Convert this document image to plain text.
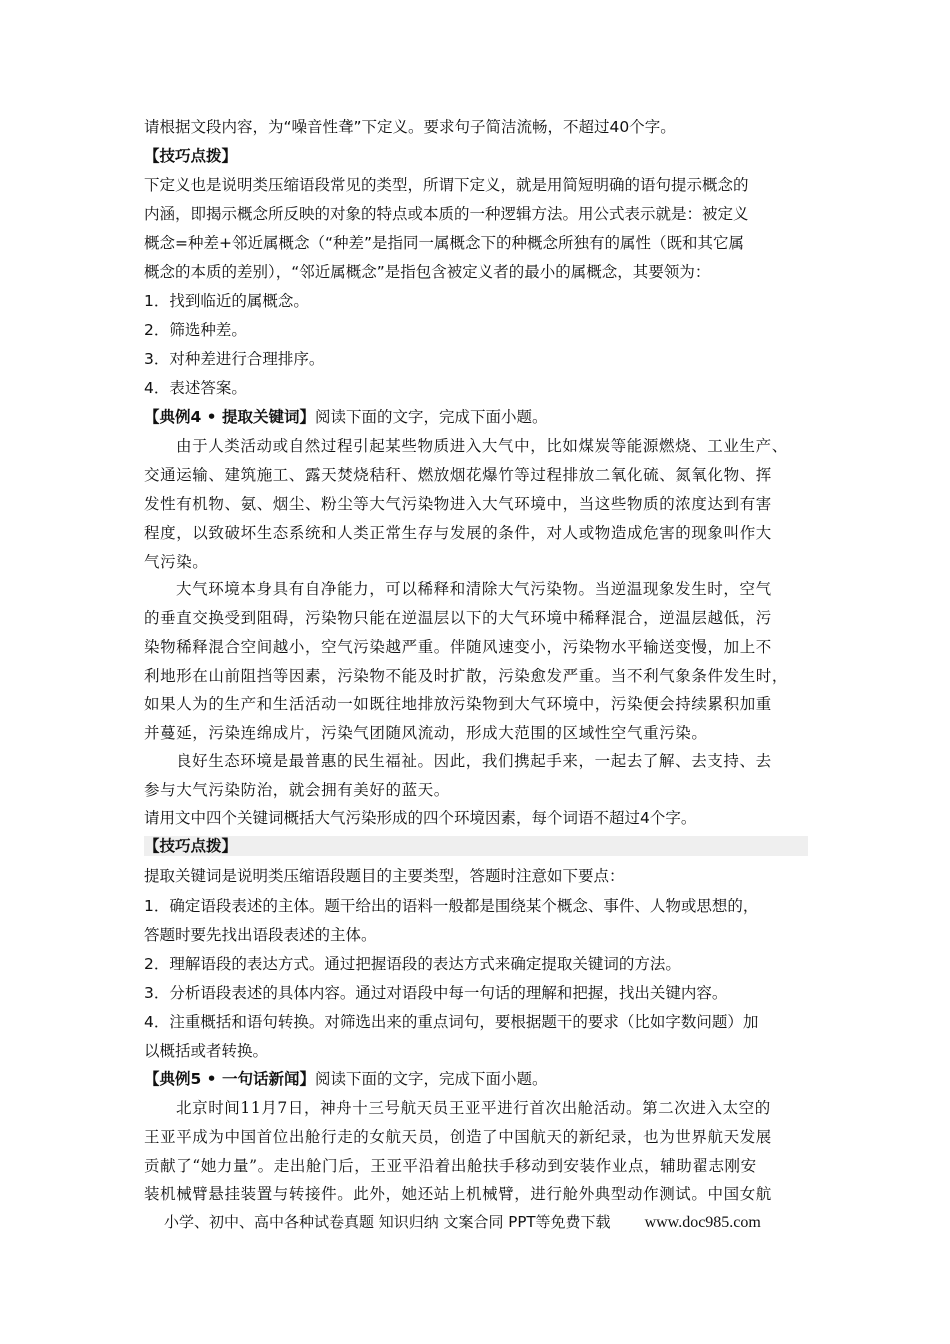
请根据文段内容，为“噪音性聋”下定义。要求句子简洁流畅，不超过40个字。
【技巧点拨】
下定义也是说明类压缩语段常见的类型，所谓下定义，就是用简短明确的语句提示概念的
内涵，即揭示概念所反映的对象的特点或本质的一种逻辑方法。用公式表示就是：被定义
概念=种差+邻近属概念（“种差”是指同一属概念下的种概念所独有的属性（既和其它属
概念的本质的差别），“邻近属概念”是指包含被定义者的最小的属概念，其要领为：
1．找到临近的属概念。
2．筛选种差。
3．对种差进行合理排序。
4．表述答案。
【典例4 • 提取关键词】阅读下面的文字，完成下面小题。
由于人类活动或自然过程引起某些物质进入大气中，比如煤炭等能源燃烧、工业生产、
交通运输、建筑施工、露天焚烧秸秆、燃放烟花爆竹等过程排放二氧化硫、氮氧化物、挥
发性有机物、氨、烟尘、粉尘等大气污染物进入大气环境中，当这些物质的浓度达到有害
程度，以致破坏生态系统和人类正常生存与发展的条件，对人或物造成危害的现象叫作大
气污染。
大气环境本身具有自净能力，可以稀释和清除大气污染物。当逆温现象发生时，空气
的垂直交换受到阻碍，污染物只能在逆温层以下的大气环境中稀释混合，逆温层越低，污
染物稀释混合空间越小，空气污染越严重。伴随风速变小，污染物水平输送变慢，加上不
利地形在山前阻挡等因素，污染物不能及时扩散，污染愈发严重。当不利气象条件发生时，
如果人为的生产和生活活动一如既往地排放污染物到大气环境中，污染便会持续累积加重
并蔓延，污染连绵成片，污染气团随风流动，形成大范围的区域性空气重污染。
良好生态环境是最普惠的民生福祉。因此，我们携起手来，一起去了解、去支持、去
参与大气污染防治，就会拥有美好的蓝天。
请用文中四个关键词概括大气污染形成的四个环境因素，每个词语不超过4个字。
【技巧点拨】
提取关键词是说明类压缩语段题目的主要类型，答题时注意如下要点：
1．确定语段表述的主体。题干给出的语料一般都是围绕某个概念、事件、人物或思想的，
答题时要先找出语段表述的主体。
2．理解语段的表达方式。通过把握语段的表达方式来确定提取关键词的方法。
3．分析语段表述的具体内容。通过对语段中每一句话的理解和把握，找出关键内容。
4．注重概括和语句转换。对筛选出来的重点词句，要根据题干的要求（比如字数问题）加
以概括或者转换。
【典例5 • 一句话新闻】阅读下面的文字，完成下面小题。
北京时间11月7日，神舟十三号航天员王亚平进行首次出舱活动。第二次进入太空的
王亚平成为中国首位出舱行走的女航天员，创造了中国航天的新纪录，也为世界航天发展
贡献了“她力量”。走出舱门后，王亚平沿着出舱扶手移动到安装作业点，辅助翟志刚安
装机械臂悬挂装置与转接件。此外，她还站上机械臂，进行舱外典型动作测试。中国女航
小学、初中、高中各种试卷真题 知识归纳 文案合同 PPT等免费下载 www.doc985.com
